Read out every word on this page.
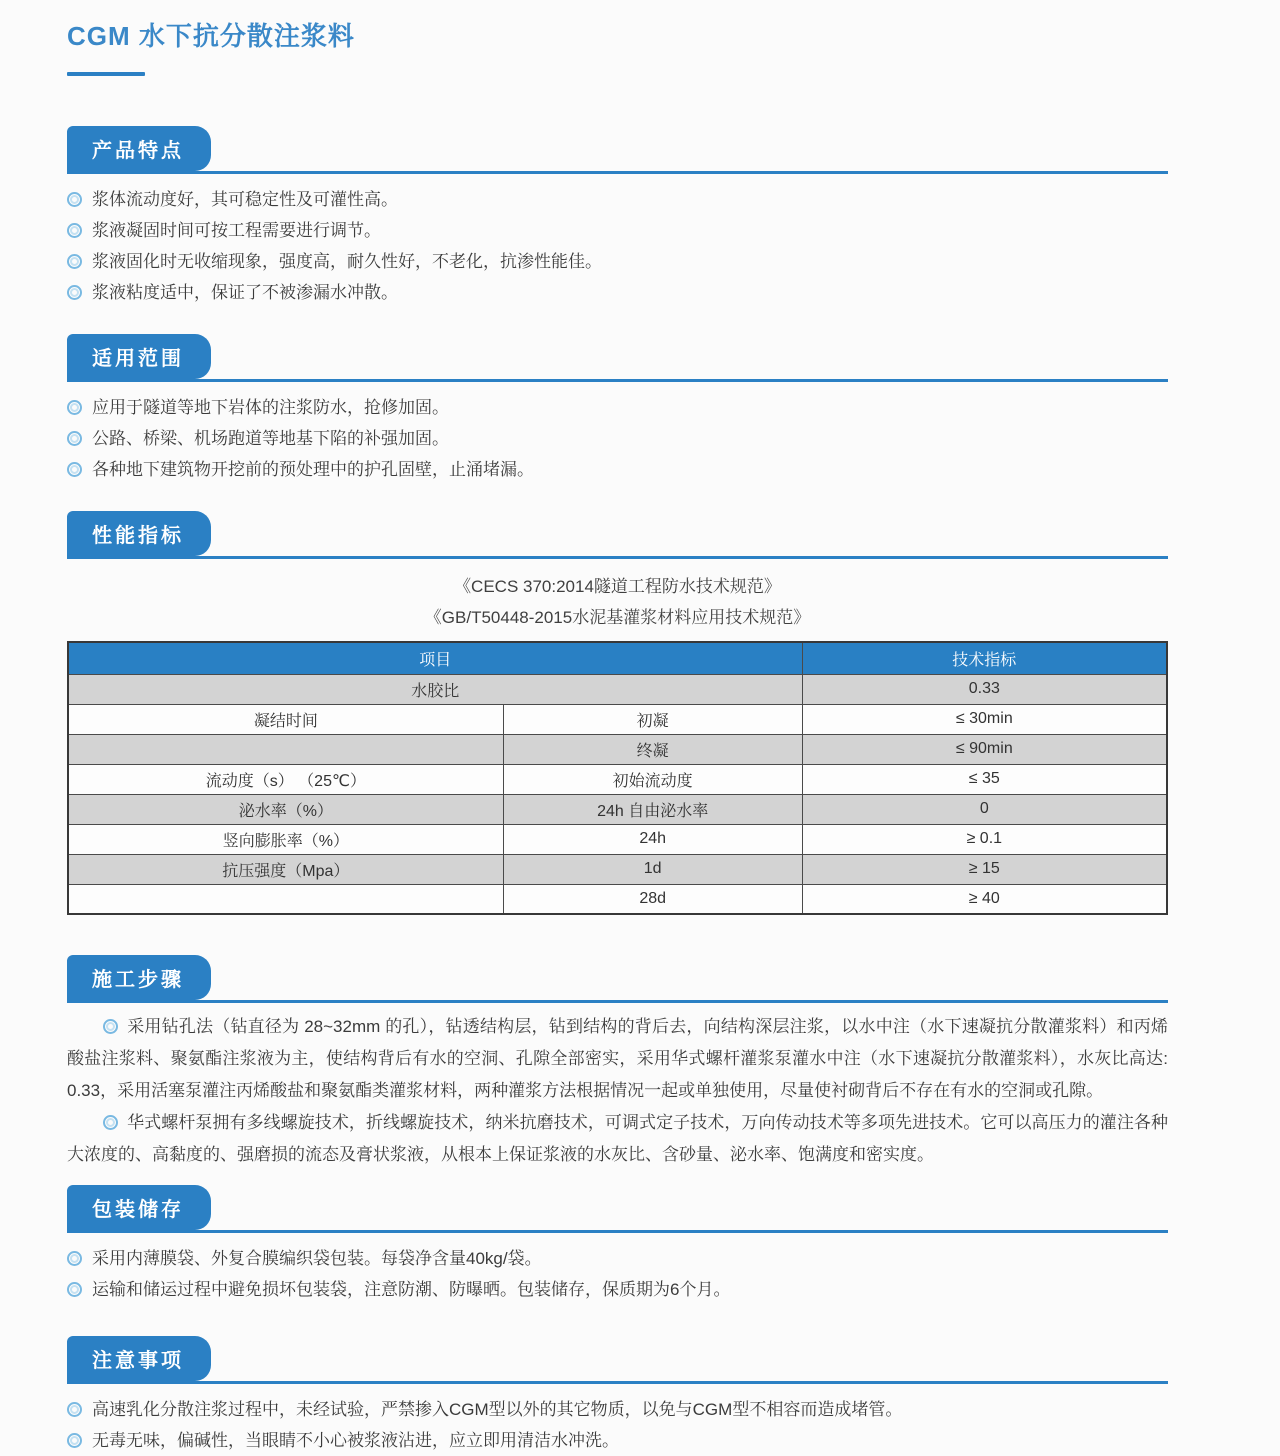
CGM 水下抗分散注浆料
产品特点
浆体流动度好，其可稳定性及可灌性高。
浆液凝固时间可按工程需要进行调节。
浆液固化时无收缩现象，强度高，耐久性好，不老化，抗渗性能佳。
浆液粘度适中，保证了不被渗漏水冲散。
适用范围
应用于隧道等地下岩体的注浆防水，抢修加固。
公路、桥梁、机场跑道等地基下陷的补强加固。
各种地下建筑物开挖前的预处理中的护孔固壁，止涌堵漏。
性能指标

《CECS 370:2014隧道工程防水技术规范》

《GB/T50448-2015水泥基灌浆材料应用技术规范》

项目		技术指标
水胶比		0.33
凝结时间	初凝	≤ 30min
	终凝	≤ 90min
流动度（s） （25℃）	初始流动度	≤ 35
泌水率（%）	24h 自由泌水率	0
竖向膨胀率（%）	24h	≥ 0.1
抗压强度（Mpa）	1d	≥ 15
	28d	≥ 40
施工步骤

采用钻孔法（钻直径为 28~32mm 的孔），钻透结构层，钻到结构的背后去，向结构深层注浆，以水中注（水下速凝抗分散灌浆料）和丙烯酸盐注浆料、聚氨酯注浆液为主，使结构背后有水的空洞、孔隙全部密实，采用华式螺杆灌浆泵灌水中注（水下速凝抗分散灌浆料），水灰比高达: 0.33，采用活塞泵灌注丙烯酸盐和聚氨酯类灌浆材料，两种灌浆方法根据情况一起或单独使用，尽量使衬砌背后不存在有水的空洞或孔隙。

华式螺杆泵拥有多线螺旋技术，折线螺旋技术，纳米抗磨技术，可调式定子技术，万向传动技术等多项先进技术。它可以高压力的灌注各种大浓度的、高黏度的、强磨损的流态及膏状浆液，从根本上保证浆液的水灰比、含砂量、泌水率、饱满度和密实度。

包装储存
采用内薄膜袋、外复合膜编织袋包装。每袋净含量40kg/袋。
运输和储运过程中避免损坏包装袋，注意防潮、防曝晒。包装储存，保质期为6个月。
注意事项
高速乳化分散注浆过程中，未经试验，严禁掺入CGM型以外的其它物质，以免与CGM型不相容而造成堵管。
无毒无味，偏碱性，当眼睛不小心被浆液沾进，应立即用清洁水冲洗。
